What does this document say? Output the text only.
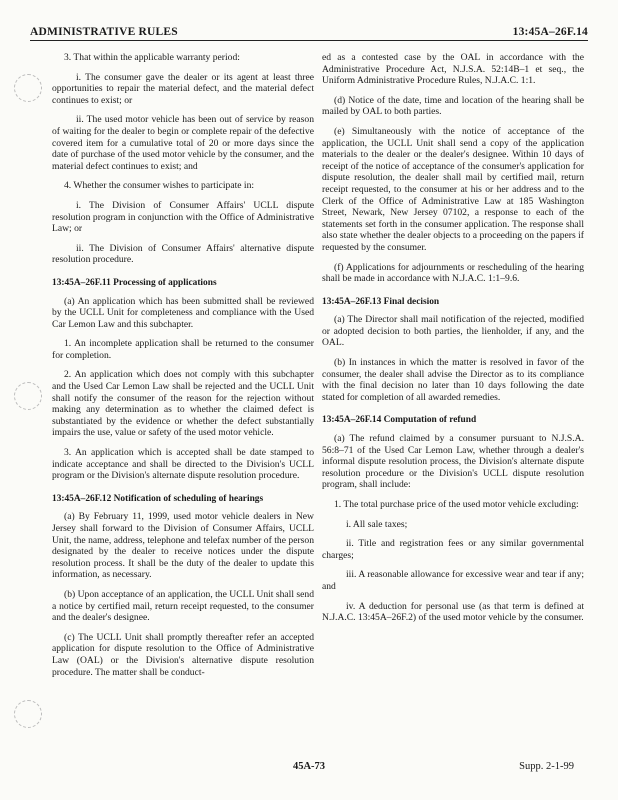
ADMINISTRATIVE RULES	13:45A–26F.14

3. That within the applicable warranty period:

i. The consumer gave the dealer or its agent at least three opportunities to repair the material defect, and the material defect continues to exist; or

ii. The used motor vehicle has been out of service by reason of waiting for the dealer to begin or complete repair of the defective covered item for a cumulative total of 20 or more days since the date of purchase of the used motor vehicle by the consumer, and the material defect continues to exist; and

4. Whether the consumer wishes to participate in:

i. The Division of Consumer Affairs' UCLL dispute resolution program in conjunction with the Office of Administrative Law; or

ii. The Division of Consumer Affairs' alternative dispute resolution procedure.

13:45A–26F.11 Processing of applications

(a) An application which has been submitted shall be reviewed by the UCLL Unit for completeness and compliance with the Used Car Lemon Law and this subchapter.

1. An incomplete application shall be returned to the consumer for completion.

2. An application which does not comply with this subchapter and the Used Car Lemon Law shall be rejected and the UCLL Unit shall notify the consumer of the reason for the rejection without making any determination as to whether the claimed defect is substantiated by the evidence or whether the defect substantially impairs the use, value or safety of the used motor vehicle.

3. An application which is accepted shall be date stamped to indicate acceptance and shall be directed to the Division's UCLL program or the Division's alternate dispute resolution procedure.

13:45A–26F.12 Notification of scheduling of hearings

(a) By February 11, 1999, used motor vehicle dealers in New Jersey shall forward to the Division of Consumer Affairs, UCLL Unit, the name, address, telephone and telefax number of the person designated by the dealer to receive notices under the dispute resolution process. It shall be the duty of the dealer to update this information, as necessary.

(b) Upon acceptance of an application, the UCLL Unit shall send a notice by certified mail, return receipt requested, to the consumer and the dealer's designee.

(c) The UCLL Unit shall promptly thereafter refer an accepted application for dispute resolution to the Office of Administrative Law (OAL) or the Division's alternative dispute resolution procedure. The matter shall be conduct-

ed as a contested case by the OAL in accordance with the Administrative Procedure Act, N.J.S.A. 52:14B–1 et seq., the Uniform Administrative Procedure Rules, N.J.A.C. 1:1.

(d) Notice of the date, time and location of the hearing shall be mailed by OAL to both parties.

(e) Simultaneously with the notice of acceptance of the application, the UCLL Unit shall send a copy of the application materials to the dealer or the dealer's designee. Within 10 days of receipt of the notice of acceptance of the consumer's application for dispute resolution, the dealer shall mail by certified mail, return receipt requested, to the consumer at his or her address and to the Clerk of the Office of Administrative Law at 185 Washington Street, Newark, New Jersey 07102, a response to each of the statements set forth in the consumer application. The response shall also state whether the dealer objects to a proceeding on the papers if requested by the consumer.

(f) Applications for adjournments or rescheduling of the hearing shall be made in accordance with N.J.A.C. 1:1–9.6.

13:45A–26F.13 Final decision

(a) The Director shall mail notification of the rejected, modified or adopted decision to both parties, the lienholder, if any, and the OAL.

(b) In instances in which the matter is resolved in favor of the consumer, the dealer shall advise the Director as to its compliance with the final decision no later than 10 days following the date stated for completion of all awarded remedies.

13:45A–26F.14 Computation of refund

(a) The refund claimed by a consumer pursuant to N.J.S.A. 56:8–71 of the Used Car Lemon Law, whether through a dealer's informal dispute resolution process, the Division's alternate dispute resolution procedure or the Division's UCLL dispute resolution program, shall include:

1. The total purchase price of the used motor vehicle excluding:

i. All sale taxes;

ii. Title and registration fees or any similar governmental charges;

iii. A reasonable allowance for excessive wear and tear if any; and

iv. A deduction for personal use (as that term is defined at N.J.A.C. 13:45A–26F.2) of the used motor vehicle by the consumer.

45A-73	Supp. 2-1-99
